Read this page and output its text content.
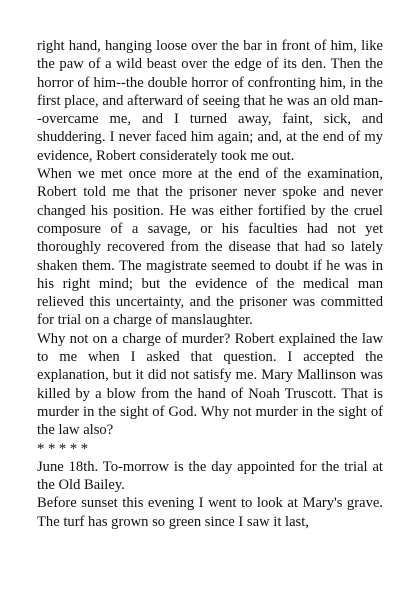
right hand, hanging loose over the bar in front of him, like the paw of a wild beast over the edge of its den. Then the horror of him--the double horror of confronting him, in the first place, and afterward of seeing that he was an old man--overcame me, and I turned away, faint, sick, and shuddering. I never faced him again; and, at the end of my evidence, Robert considerately took me out.

When we met once more at the end of the examination, Robert told me that the prisoner never spoke and never changed his position. He was either fortified by the cruel composure of a savage, or his faculties had not yet thoroughly recovered from the disease that had so lately shaken them. The magistrate seemed to doubt if he was in his right mind; but the evidence of the medical man relieved this uncertainty, and the prisoner was committed for trial on a charge of manslaughter.

Why not on a charge of murder? Robert explained the law to me when I asked that question. I accepted the explanation, but it did not satisfy me. Mary Mallinson was killed by a blow from the hand of Noah Truscott. That is murder in the sight of God. Why not murder in the sight of the law also?

* * * * *

June 18th. To-morrow is the day appointed for the trial at the Old Bailey.

Before sunset this evening I went to look at Mary's grave. The turf has grown so green since I saw it last,
